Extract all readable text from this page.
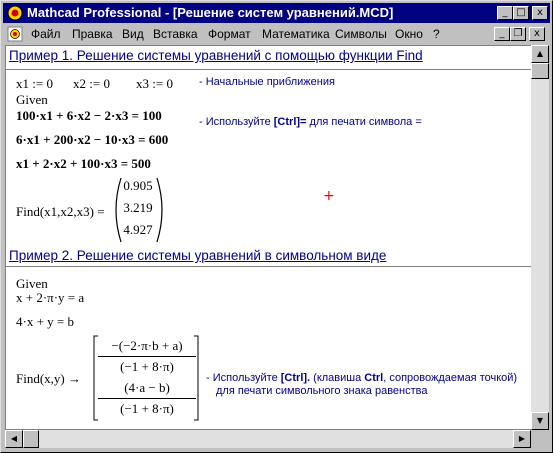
Mathcad Professional - [Решение систем уравнений.MCD]	_ □	x
Файл Правка Вид Вставка Формат Математика Символы Окно ?	_ ❐	x
Пример 1. Решение системы уравнений с помощью функции Find
x1 := 0 x2 := 0 x3 := 0 - Начальные приближения
Given
100·x1 + 6·x2 − 2·x3 = 100	- Используйте [Ctrl]= для печати символа =
6·x1 + 200·x2 − 10·x3 = 600
x1 + 2·x2 + 100·x3 = 500
Find(x1,x2,x3) =
0.905
3.219
4.927
+
Пример 2. Решение системы уравнений в символьном виде
Given
x + 2·π·y = a
4·x + y = b
Find(x,y) →
−(−2·π·b + a)
(−1 + 8·π)
(4·a − b)
(−1 + 8·π)
- Используйте [Ctrl]. (клавиша Ctrl, сопровождаемая точкой)
для печати символьного знака равенства
▲
▼
◀	▶
